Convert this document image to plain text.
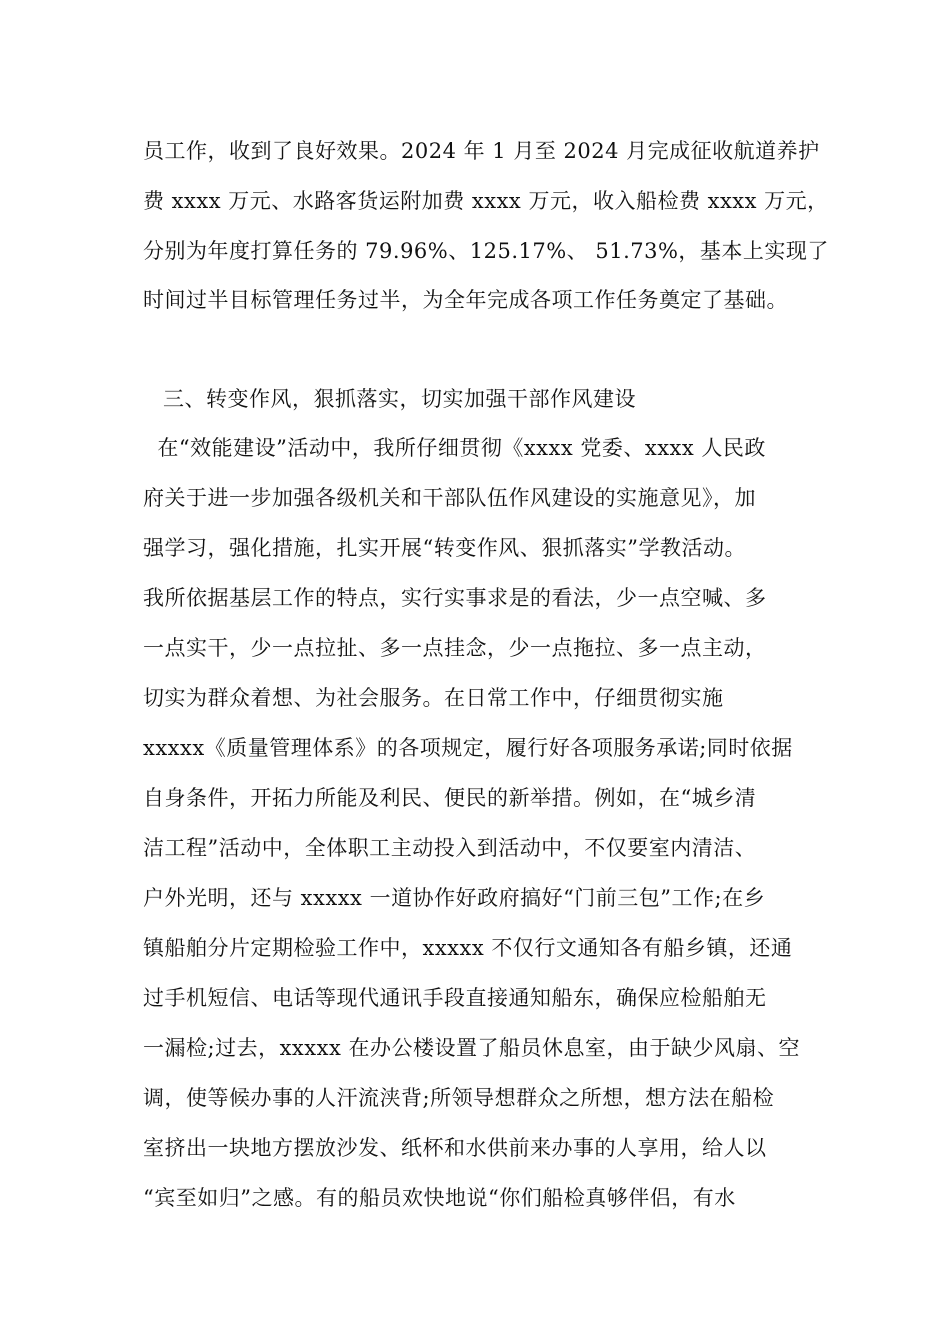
员工作，收到了良好效果。2024 年 1 月至 2024 月完成征收航道养护
费 xxxx 万元、水路客货运附加费 xxxx 万元，收入船检费 xxxx 万元，
分别为年度打算任务的 79.96%、125.17%、 51.73%，基本上实现了
时间过半目标管理任务过半，为全年完成各项工作任务奠定了基础。
三、转变作风，狠抓落实，切实加强干部作风建设
在“效能建设”活动中，我所仔细贯彻《xxxx 党委、xxxx 人民政
府关于进一步加强各级机关和干部队伍作风建设的实施意见》，加
强学习，强化措施，扎实开展“转变作风、狠抓落实”学教活动。
我所依据基层工作的特点，实行实事求是的看法，少一点空喊、多
一点实干，少一点拉扯、多一点挂念，少一点拖拉、多一点主动，
切实为群众着想、为社会服务。在日常工作中，仔细贯彻实施
xxxxx《质量管理体系》的各项规定，履行好各项服务承诺;同时依据
自身条件，开拓力所能及利民、便民的新举措。例如，在“城乡清
洁工程”活动中，全体职工主动投入到活动中，不仅要室内清洁、
户外光明，还与 xxxxx 一道协作好政府搞好“门前三包”工作;在乡
镇船舶分片定期检验工作中，xxxxx 不仅行文通知各有船乡镇，还通
过手机短信、电话等现代通讯手段直接通知船东，确保应检船舶无
一漏检;过去，xxxxx 在办公楼设置了船员休息室，由于缺少风扇、空
调，使等候办事的人汗流浃背;所领导想群众之所想，想方法在船检
室挤出一块地方摆放沙发、纸杯和水供前来办事的人享用，给人以
“宾至如归”之感。有的船员欢快地说“你们船检真够伴侣，有水
